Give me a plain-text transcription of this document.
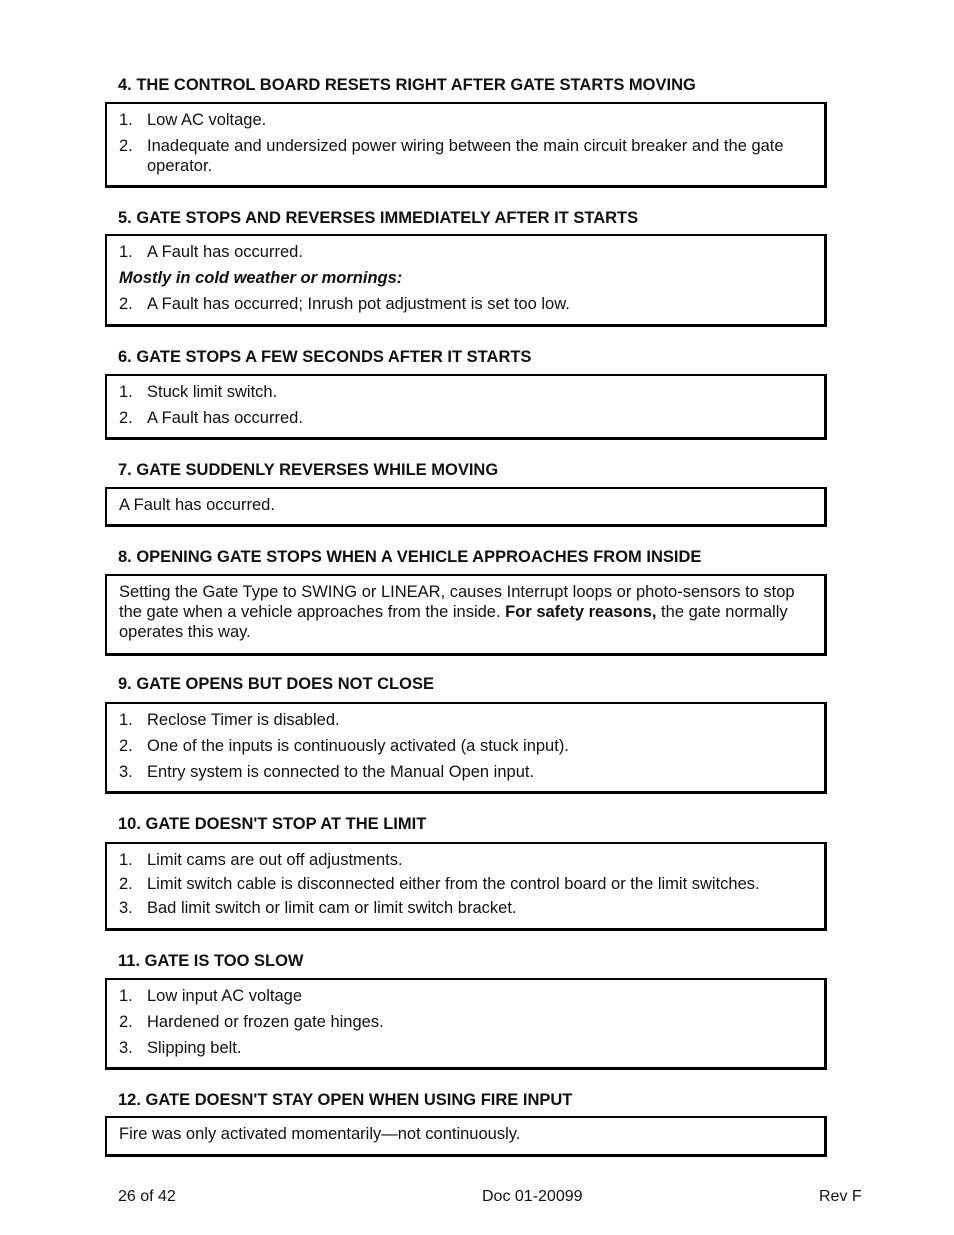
4. THE CONTROL BOARD RESETS RIGHT AFTER GATE STARTS MOVING
1. Low AC voltage.
2. Inadequate and undersized power wiring between the main circuit breaker and the gate operator.
5. GATE STOPS AND REVERSES IMMEDIATELY AFTER IT STARTS
1. A Fault has occurred.
Mostly in cold weather or mornings:
2. A Fault has occurred; Inrush pot adjustment is set too low.
6. GATE STOPS A FEW SECONDS AFTER IT STARTS
1. Stuck limit switch.
2. A Fault has occurred.
7. GATE SUDDENLY REVERSES WHILE MOVING
A Fault has occurred.
8. OPENING GATE STOPS WHEN A VEHICLE APPROACHES FROM INSIDE
Setting the Gate Type to SWING or LINEAR, causes Interrupt loops or photo-sensors to stop the gate when a vehicle approaches from the inside. For safety reasons, the gate normally operates this way.
9. GATE OPENS BUT DOES NOT CLOSE
1. Reclose Timer is disabled.
2. One of the inputs is continuously activated (a stuck input).
3. Entry system is connected to the Manual Open input.
10. GATE DOESN'T STOP AT THE LIMIT
1. Limit cams are out off adjustments.
2. Limit switch cable is disconnected either from the control board or the limit switches.
3. Bad limit switch or limit cam or limit switch bracket.
11. GATE IS TOO SLOW
1. Low input AC voltage
2. Hardened or frozen gate hinges.
3. Slipping belt.
12. GATE DOESN'T STAY OPEN WHEN USING FIRE INPUT
Fire was only activated momentarily—not continuously.
26 of 42	Doc 01-20099	Rev F
